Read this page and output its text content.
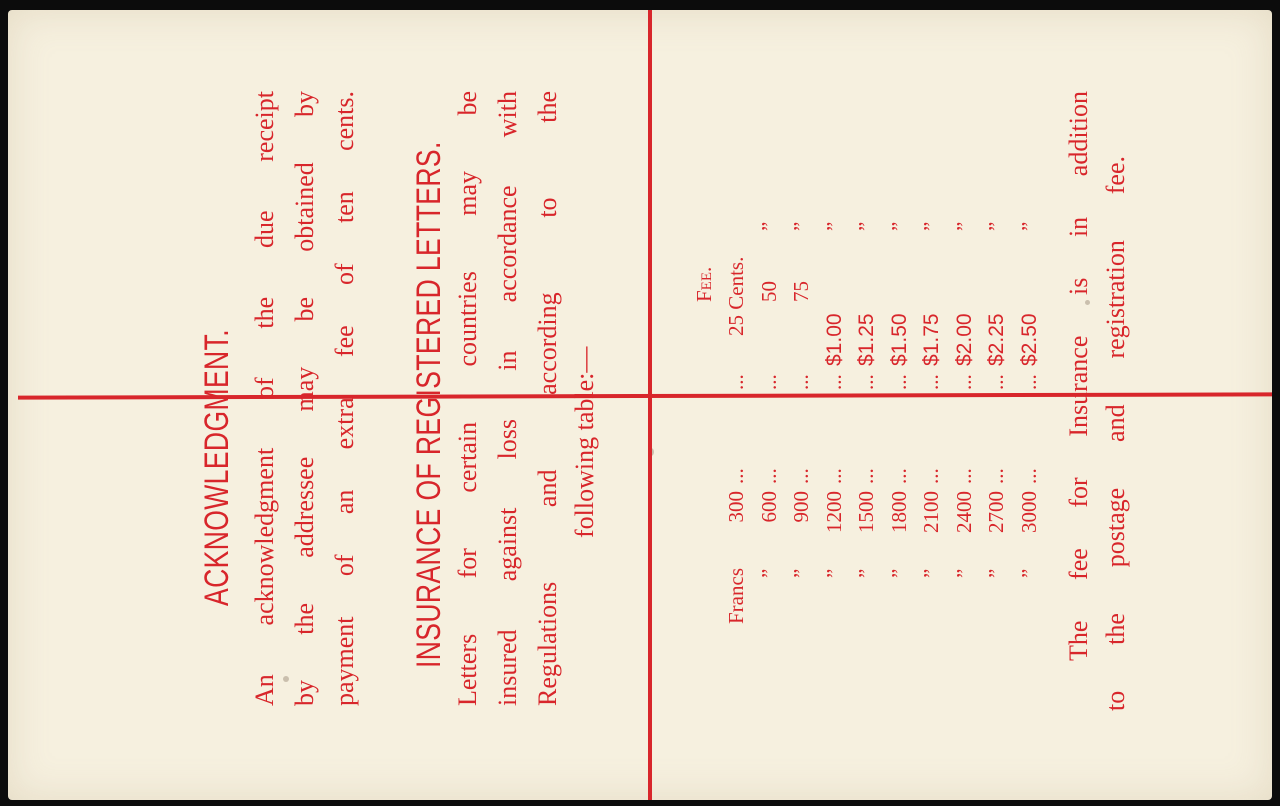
ACKNOWLEDGMENT. An acknowledgment of the due receipt by the addressee may be obtained by payment of an extra fee of ten cents. INSURANCE OF REGISTERED LETTERS. Letters for certain countries may be insured against loss in accordance with Regulations and according to the following table:—
Fee.
Francs
300
...
...
25 Cents.
”
600
...
...
50
”
”
900
...
...
75
”
”
1200
...
...
$1.00
”
”
1500
...
...
$1.25
”
”
1800
...
...
$1.50
”
”
2100
...
...
$1.75
”
”
2400
...
...
$2.00
”
”
2700
...
...
$2.25
”
”
3000
...
...
$2.50
” The fee for Insurance is in addition to the postage and registration fee.
